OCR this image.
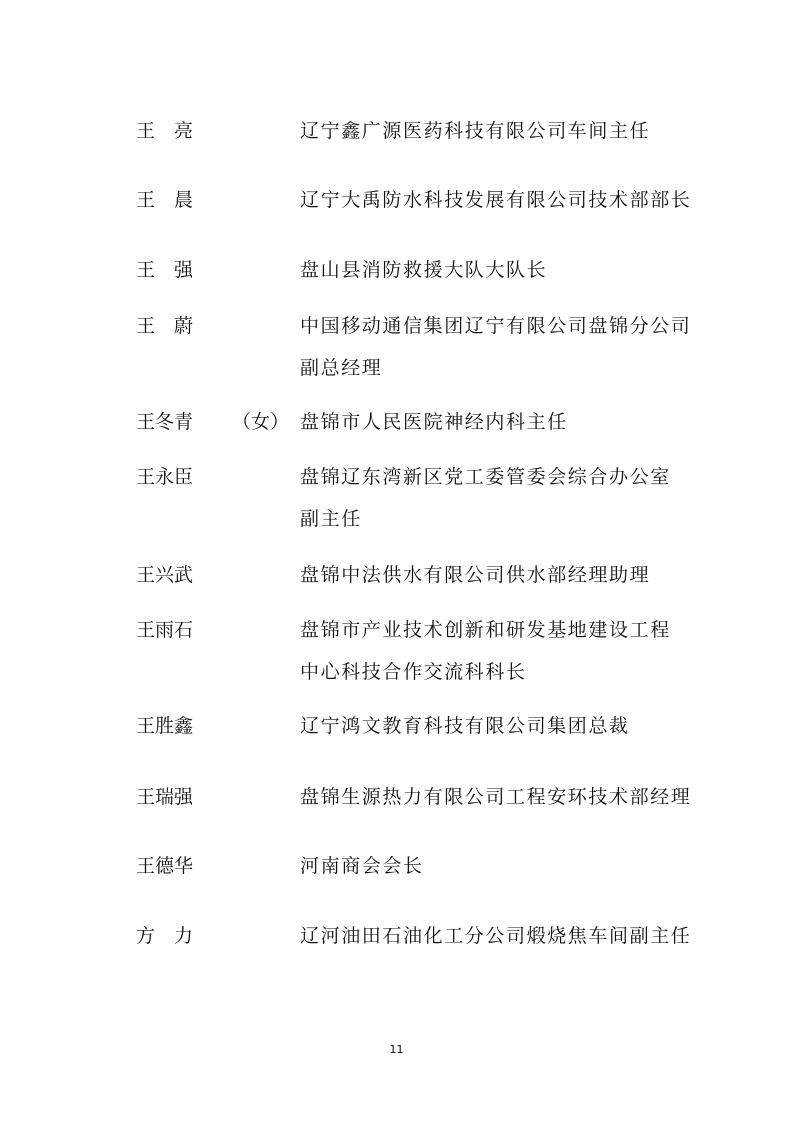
王　亮	辽宁鑫广源医药科技有限公司车间主任
王　晨	辽宁大禹防水科技发展有限公司技术部部长
王　强	盘山县消防救援大队大队长
王　蔚	中国移动通信集团辽宁有限公司盘锦分公司
副总经理
王冬青 （女） 盘锦市人民医院神经内科主任
王永臣	盘锦辽东湾新区党工委管委会综合办公室
副主任
王兴武	盘锦中法供水有限公司供水部经理助理
王雨石	盘锦市产业技术创新和研发基地建设工程
中心科技合作交流科科长
王胜鑫	辽宁鸿文教育科技有限公司集团总裁
王瑞强	盘锦生源热力有限公司工程安环技术部经理
王德华	河南商会会长
方　力	辽河油田石油化工分公司煅烧焦车间副主任
11
